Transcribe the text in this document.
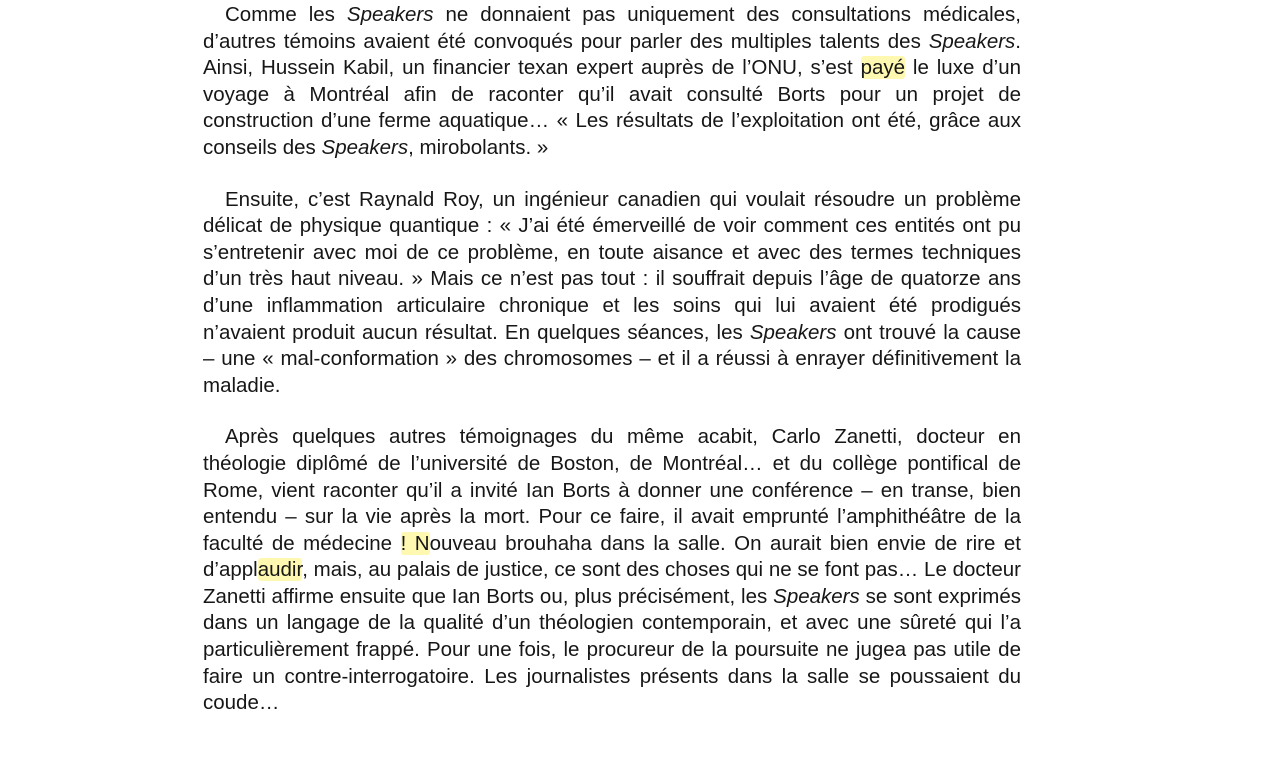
Comme les Speakers ne donnaient pas uniquement des consultations médicales, d’autres témoins avaient été convoqués pour parler des multiples talents des Speakers. Ainsi, Hussein Kabil, un financier texan expert auprès de l’ONU, s’est payé le luxe d’un voyage à Montréal afin de raconter qu’il avait consulté Borts pour un projet de construction d’une ferme aquatique… « Les résultats de l’exploitation ont été, grâce aux conseils des Speakers, mirobolants. »

Ensuite, c’est Raynald Roy, un ingénieur canadien qui voulait résoudre un problème délicat de physique quantique : « J’ai été émerveillé de voir comment ces entités ont pu s’entretenir avec moi de ce problème, en toute aisance et avec des termes techniques d’un très haut niveau. » Mais ce n’est pas tout : il souffrait depuis l’âge de quatorze ans d’une inflammation articulaire chronique et les soins qui lui avaient été prodigués n’avaient produit aucun résultat. En quelques séances, les Speakers ont trouvé la cause – une « mal-conformation » des chromosomes – et il a réussi à enrayer définitivement la maladie.

Après quelques autres témoignages du même acabit, Carlo Zanetti, docteur en théologie diplômé de l’université de Boston, de Montréal… et du collège pontifical de Rome, vient raconter qu’il a invité Ian Borts à donner une conférence – en transe, bien entendu – sur la vie après la mort. Pour ce faire, il avait emprunté l’amphithéâtre de la faculté de médecine ! Nouveau brouhaha dans la salle. On aurait bien envie de rire et d’applaudir, mais, au palais de justice, ce sont des choses qui ne se font pas… Le docteur Zanetti affirme ensuite que Ian Borts ou, plus précisément, les Speakers se sont exprimés dans un langage de la qualité d’un théologien contemporain, et avec une sûreté qui l’a particulièrement frappé. Pour une fois, le procureur de la poursuite ne jugea pas utile de faire un contre-interrogatoire. Les journalistes présents dans la salle se poussaient du coude…
